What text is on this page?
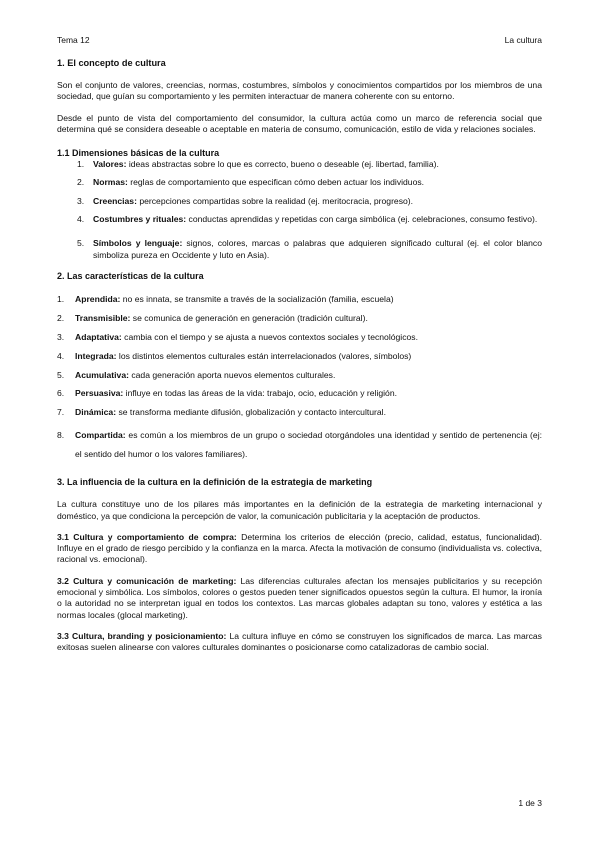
Tema 12	La cultura
1. El concepto de cultura

Son el conjunto de valores, creencias, normas, costumbres, símbolos y conocimientos compartidos por los miembros de una sociedad, que guían su comportamiento y les permiten interactuar de manera coherente con su entorno.

Desde el punto de vista del comportamiento del consumidor, la cultura actúa como un marco de referencia social que determina qué se considera deseable o aceptable en materia de consumo, comunicación, estilo de vida y relaciones sociales.

1.1 Dimensiones básicas de la cultura
1. Valores: ideas abstractas sobre lo que es correcto, bueno o deseable (ej. libertad, familia).
2. Normas: reglas de comportamiento que especifican cómo deben actuar los individuos.
3. Creencias: percepciones compartidas sobre la realidad (ej. meritocracia, progreso).
4. Costumbres y rituales: conductas aprendidas y repetidas con carga simbólica (ej. celebraciones, consumo festivo).
5. Símbolos y lenguaje: signos, colores, marcas o palabras que adquieren significado cultural (ej. el color blanco simboliza pureza en Occidente y luto en Asia).
2. Las características de la cultura
1. Aprendida: no es innata, se transmite a través de la socialización (familia, escuela)
2. Transmisible: se comunica de generación en generación (tradición cultural).
3. Adaptativa: cambia con el tiempo y se ajusta a nuevos contextos sociales y tecnológicos.
4. Integrada: los distintos elementos culturales están interrelacionados (valores, símbolos)
5. Acumulativa: cada generación aporta nuevos elementos culturales.
6. Persuasiva: influye en todas las áreas de la vida: trabajo, ocio, educación y religión.
7. Dinámica: se transforma mediante difusión, globalización y contacto intercultural.
8. Compartida: es común a los miembros de un grupo o sociedad otorgándoles una identidad y sentido de pertenencia (ej: el sentido del humor o los valores familiares).
3. La influencia de la cultura en la definición de la estrategia de marketing

La cultura constituye uno de los pilares más importantes en la definición de la estrategia de marketing internacional y doméstico, ya que condiciona la percepción de valor, la comunicación publicitaria y la aceptación de productos.

3.1 Cultura y comportamiento de compra: Determina los criterios de elección (precio, calidad, estatus, funcionalidad). Influye en el grado de riesgo percibido y la confianza en la marca. Afecta la motivación de consumo (individualista vs. colectiva, racional vs. emocional).

3.2 Cultura y comunicación de marketing: Las diferencias culturales afectan los mensajes publicitarios y su recepción emocional y simbólica. Los símbolos, colores o gestos pueden tener significados opuestos según la cultura. El humor, la ironía o la autoridad no se interpretan igual en todos los contextos. Las marcas globales adaptan su tono, valores y estética a las normas locales (glocal marketing).

3.3 Cultura, branding y posicionamiento: La cultura influye en cómo se construyen los significados de marca. Las marcas exitosas suelen alinearse con valores culturales dominantes o posicionarse como catalizadoras de cambio social.

1 de 3
